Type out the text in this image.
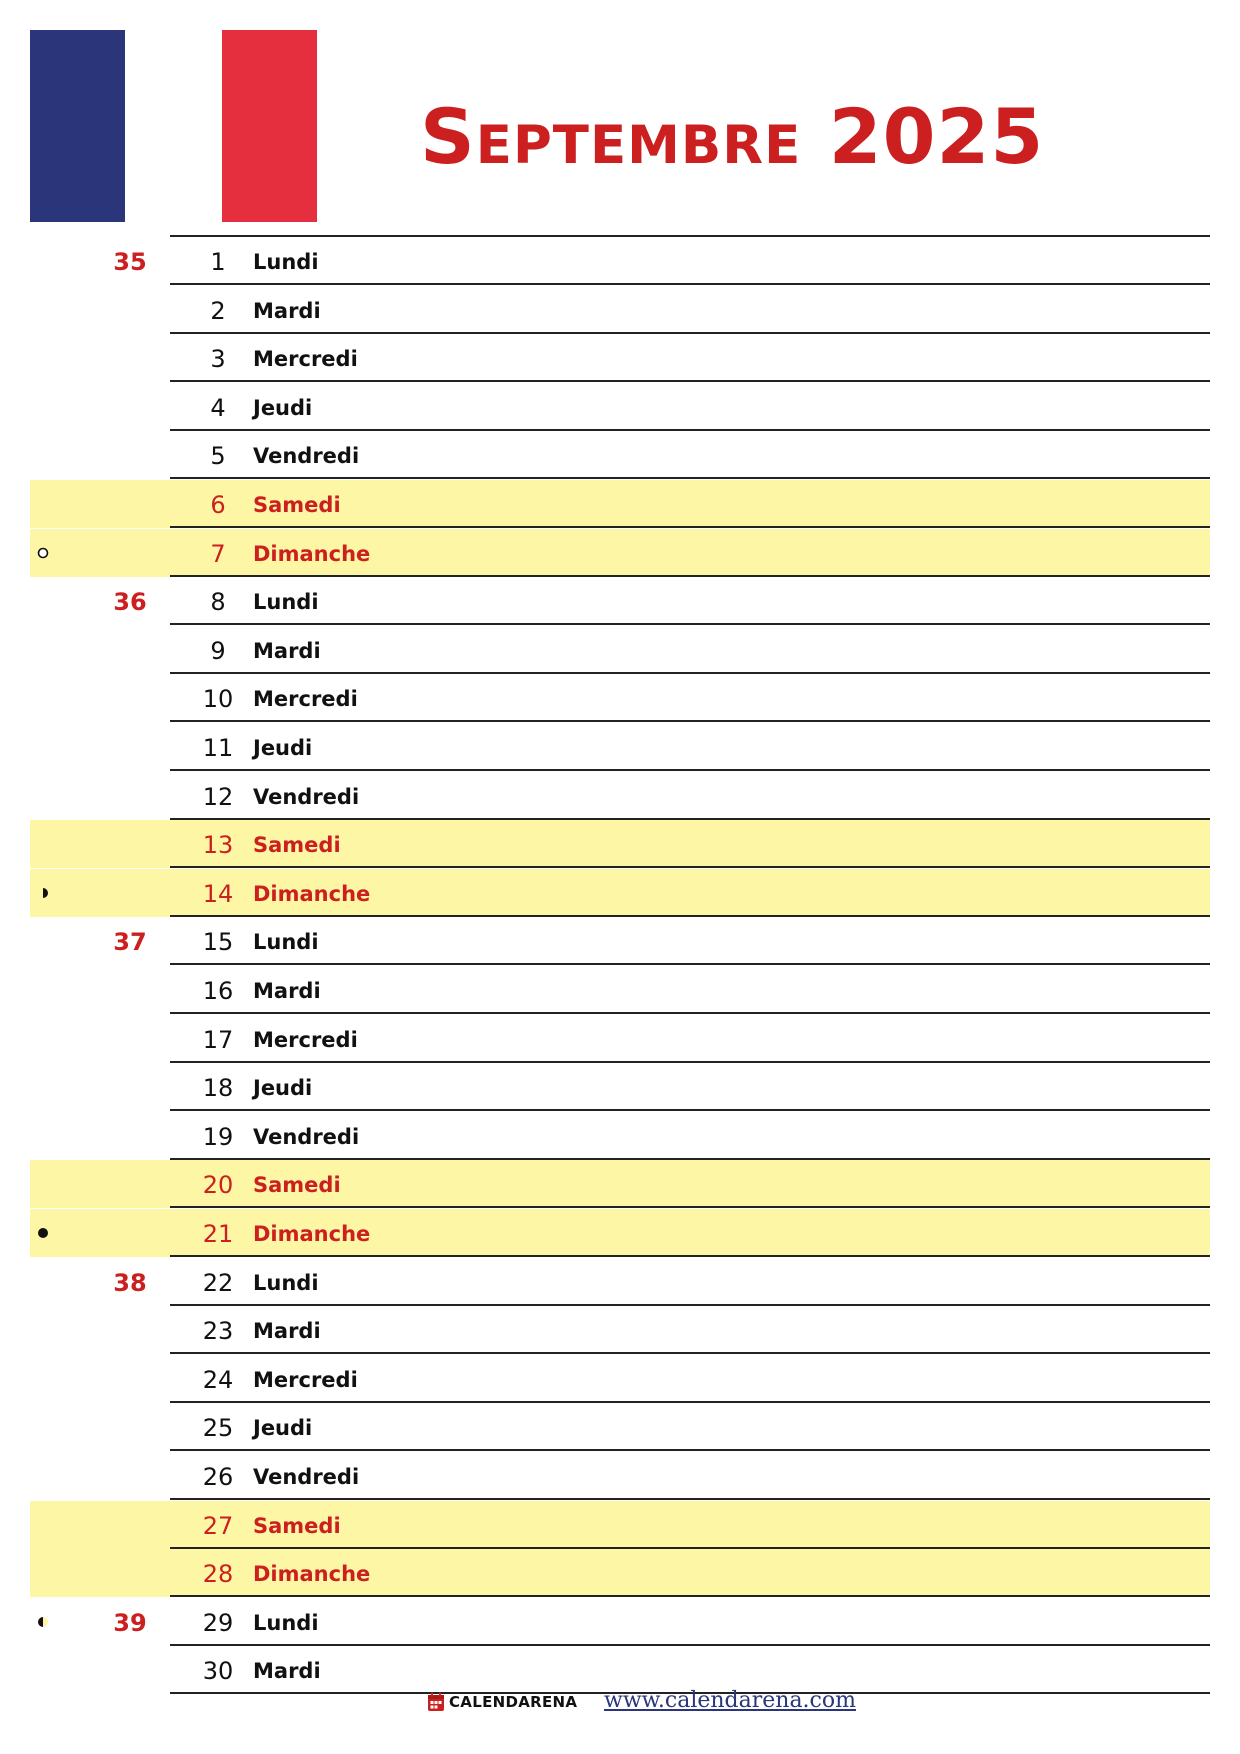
Septembre 2025
35	1	Lundi
2	Mardi
3	Mercredi
4	Jeudi
5	Vendredi
6	Samedi
7	Dimanche
36	8	Lundi
9	Mardi
10 Mercredi
11 Jeudi
12 Vendredi
13 Samedi
14 Dimanche
37	15 Lundi
16 Mardi
17 Mercredi
18 Jeudi
19 Vendredi
20 Samedi
21 Dimanche
38	22 Lundi
23 Mardi
24 Mercredi
25 Jeudi
26 Vendredi
27 Samedi
28 Dimanche
39	29 Lundi
30 Mardi
CALENDARENA www.calendarena.com
